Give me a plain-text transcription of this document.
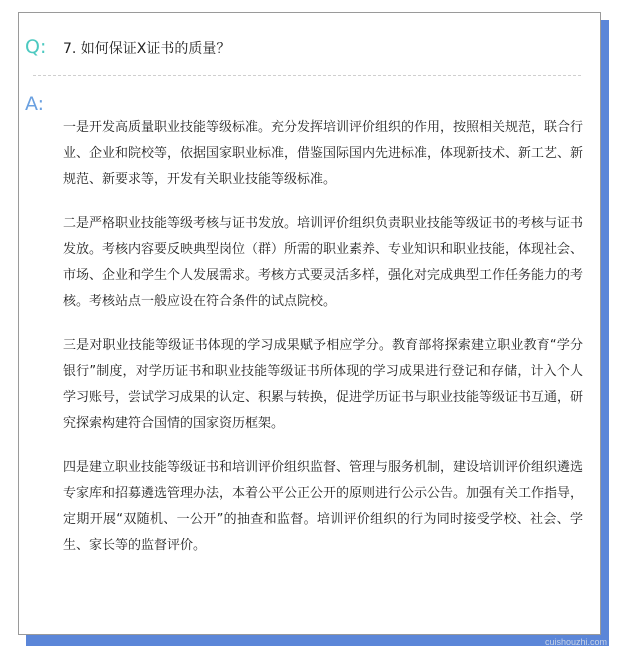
Q: 7. 如何保证X证书的质量？
A:

一是开发高质量职业技能等级标准。充分发挥培训评价组织的作用，按照相关规范，联合行业、企业和院校等，依据国家职业标准，借鉴国际国内先进标准，体现新技术、新工艺、新规范、新要求等，开发有关职业技能等级标准。

二是严格职业技能等级考核与证书发放。培训评价组织负责职业技能等级证书的考核与证书发放。考核内容要反映典型岗位（群）所需的职业素养、专业知识和职业技能，体现社会、市场、企业和学生个人发展需求。考核方式要灵活多样，强化对完成典型工作任务能力的考核。考核站点一般应设在符合条件的试点院校。

三是对职业技能等级证书体现的学习成果赋予相应学分。教育部将探索建立职业教育“学分银行”制度，对学历证书和职业技能等级证书所体现的学习成果进行登记和存储，计入个人学习账号，尝试学习成果的认定、积累与转换，促进学历证书与职业技能等级证书互通，研究探索构建符合国情的国家资历框架。

四是建立职业技能等级证书和培训评价组织监督、管理与服务机制，建设培训评价组织遴选专家库和招募遴选管理办法，本着公平公正公开的原则进行公示公告。加强有关工作指导，定期开展“双随机、一公开”的抽查和监督。培训评价组织的行为同时接受学校、社会、学生、家长等的监督评价。

cuishouzhi.com
